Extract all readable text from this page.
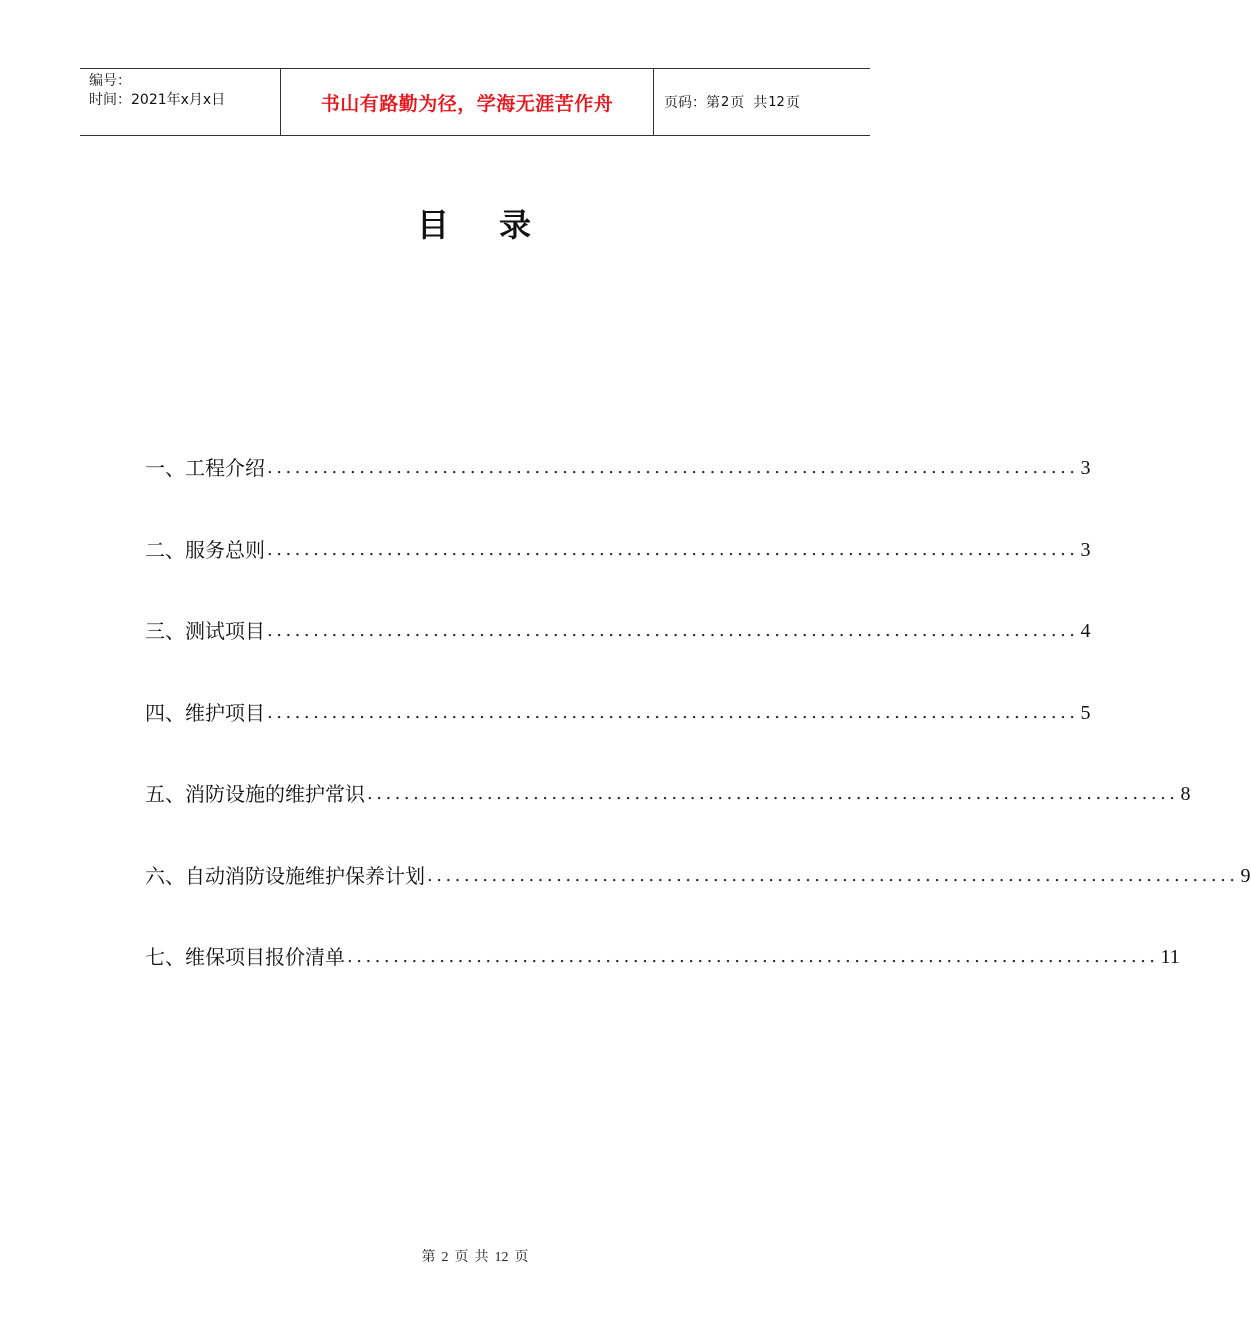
编号：
时间：2021年x月x日	书山有路勤为径，学海无涯苦作舟	页码：第 2 页 共 12 页
目 录
一、工程介绍 ........................................................................................ 3
二、服务总则 ........................................................................................ 3
三、测试项目 ........................................................................................ 4
四、维护项目 ........................................................................................ 5
五、消防设施的维护常识 ........................................................................................ 8
六、自动消防设施维护保养计划 ........................................................................................ 9
七、维保项目报价清单 ........................................................................................ 11
第 2 页 共 12 页
